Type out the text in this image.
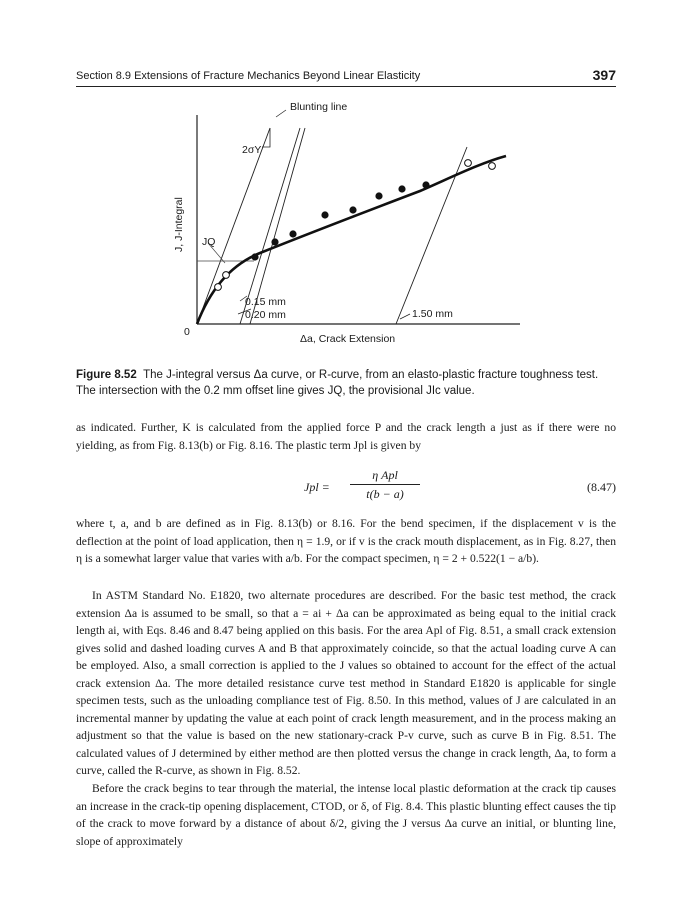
Section 8.9 Extensions of Fracture Mechanics Beyond Linear Elasticity	397
Blunting line
2σY
J, J-Integral JQ
0
0.15 mm
0.20 mm	1.50 mm
Δa, Crack Extension
Figure 8.52 The J-integral versus Δa curve, or R-curve, from an elasto-plastic fracture toughness test. The intersection with the 0.2 mm offset line gives JQ, the provisional JIc value.

as indicated. Further, K is calculated from the applied force P and the crack length a just as if there were no yielding, as from Fig. 8.13(b) or Fig. 8.16. The plastic term Jpl is given by

Jpl =
η Apl
t(b − a)	(8.47)

where t, a, and b are defined as in Fig. 8.13(b) or 8.16. For the bend specimen, if the displacement v is the deflection at the point of load application, then η = 1.9, or if v is the crack mouth displacement, as in Fig. 8.27, then η is a somewhat larger value that varies with a/b. For the compact specimen, η = 2 + 0.522(1 − a/b).

In ASTM Standard No. E1820, two alternate procedures are described. For the basic test method, the crack extension Δa is assumed to be small, so that a = ai + Δa can be approximated as being equal to the initial crack length ai, with Eqs. 8.46 and 8.47 being applied on this basis. For the area Apl of Fig. 8.51, a small crack extension gives solid and dashed loading curves A and B that approximately coincide, so that the actual loading curve A can be employed. Also, a small correction is applied to the J values so obtained to account for the effect of the actual crack extension Δa. The more detailed resistance curve test method in Standard E1820 is applicable for single specimen tests, such as the unloading compliance test of Fig. 8.50. In this method, values of J are calculated in an incremental manner by updating the value at each point of crack length measurement, and in the process making an adjustment so that the value is based on the new stationary-crack P-v curve, such as curve B in Fig. 8.51. The calculated values of J determined by either method are then plotted versus the change in crack length, Δa, to form a curve, called the R-curve, as shown in Fig. 8.52.

Before the crack begins to tear through the material, the intense local plastic deformation at the crack tip causes an increase in the crack-tip opening displacement, CTOD, or δ, of Fig. 8.4. This plastic blunting effect causes the tip of the crack to move forward by a distance of about δ/2, giving the J versus Δa curve an initial, or blunting line, slope of approximately
